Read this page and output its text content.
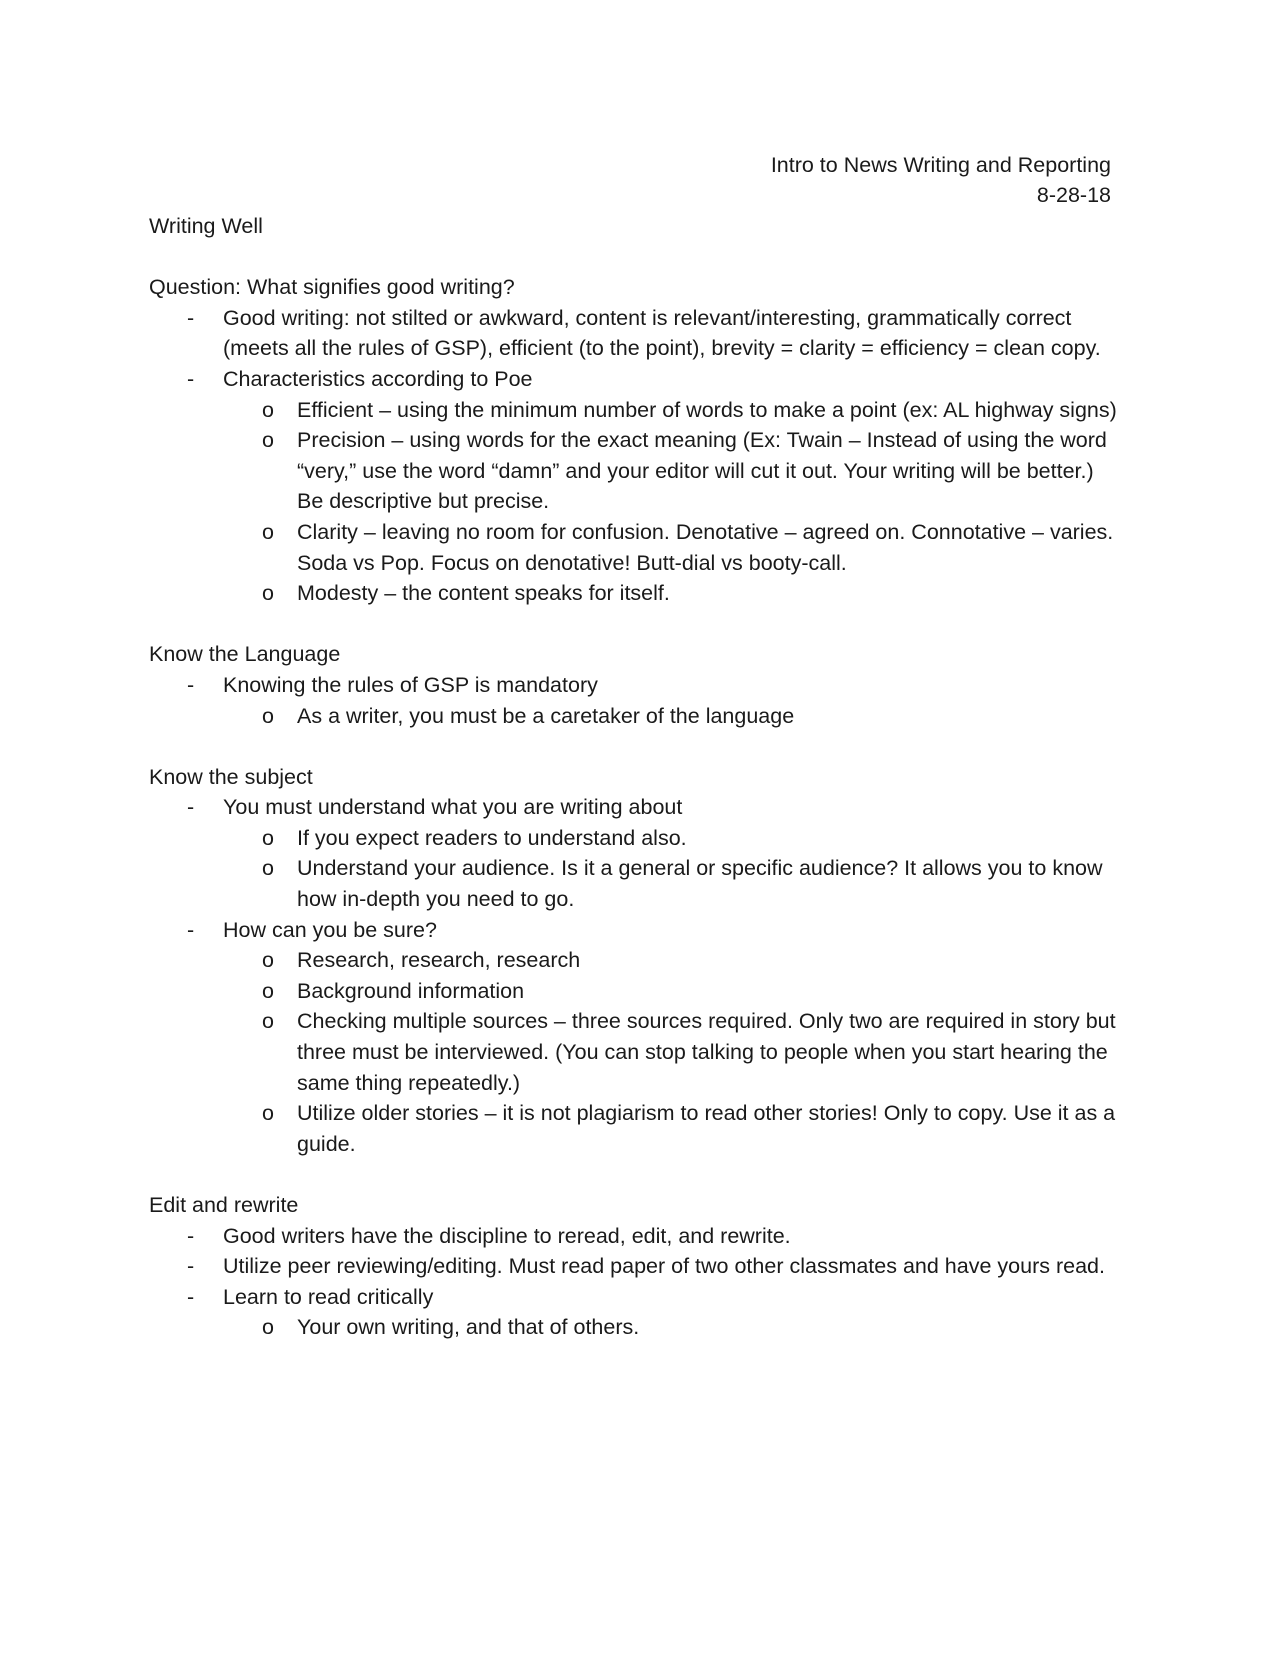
Intro to News Writing and Reporting
8-28-18
Writing Well
Question: What signifies good writing?
- Good writing: not stilted or awkward, content is relevant/interesting, grammatically correct (meets all the rules of GSP), efficient (to the point), brevity = clarity = efficiency = clean copy.
- Characteristics according to Poe
o Efficient – using the minimum number of words to make a point (ex: AL highway signs)
o Precision – using words for the exact meaning (Ex: Twain – Instead of using the word “very,” use the word “damn” and your editor will cut it out. Your writing will be better.) Be descriptive but precise.
o Clarity – leaving no room for confusion. Denotative – agreed on. Connotative – varies. Soda vs Pop. Focus on denotative! Butt-dial vs booty-call.
o Modesty – the content speaks for itself.
Know the Language
- Knowing the rules of GSP is mandatory
o As a writer, you must be a caretaker of the language
Know the subject
- You must understand what you are writing about
o If you expect readers to understand also.
o Understand your audience. Is it a general or specific audience? It allows you to know how in-depth you need to go.
- How can you be sure?
o Research, research, research
o Background information
o Checking multiple sources – three sources required. Only two are required in story but three must be interviewed. (You can stop talking to people when you start hearing the same thing repeatedly.)
o Utilize older stories – it is not plagiarism to read other stories! Only to copy. Use it as a guide.
Edit and rewrite
- Good writers have the discipline to reread, edit, and rewrite.
- Utilize peer reviewing/editing. Must read paper of two other classmates and have yours read.
- Learn to read critically
o Your own writing, and that of others.
